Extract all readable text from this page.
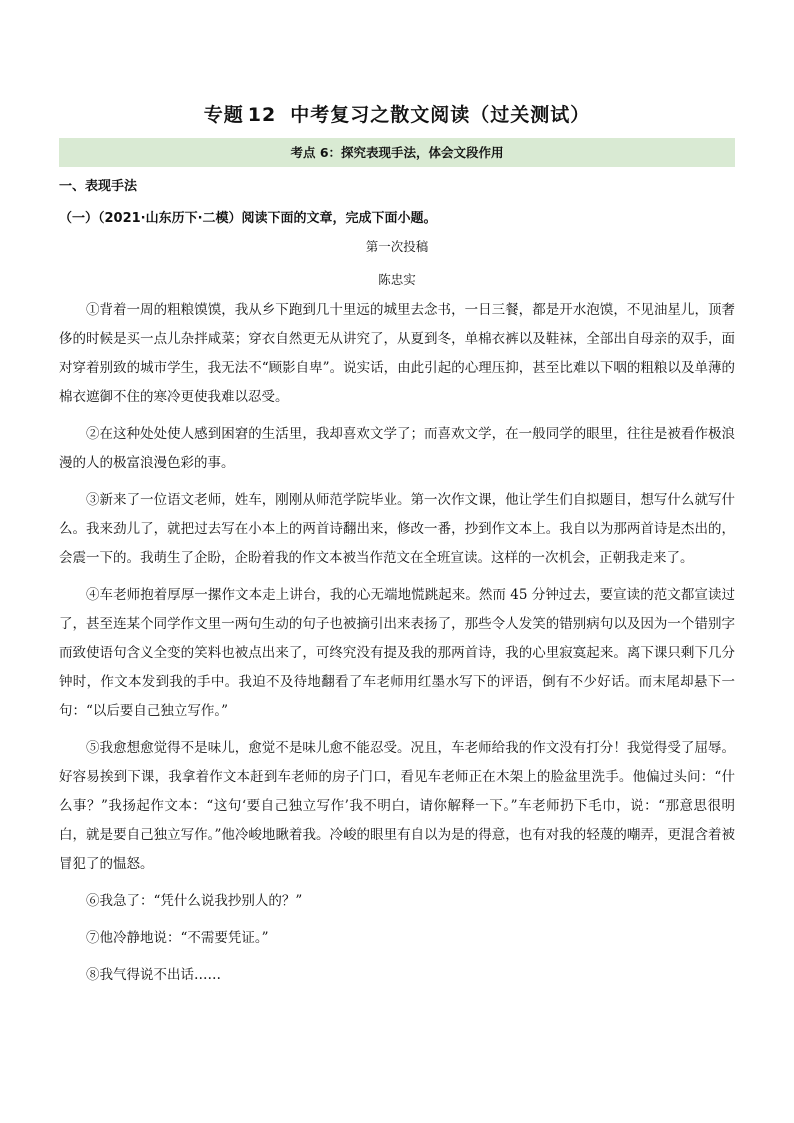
专题 12 中考复习之散文阅读（过关测试）
考点 6：探究表现手法，体会文段作用
一、表现手法
（一）（2021·山东历下·二模）阅读下面的文章，完成下面小题。
第一次投稿
陈忠实

①背着一周的粗粮馍馍，我从乡下跑到几十里远的城里去念书，一日三餐，都是开水泡馍，不见油星儿，顶奢侈的时候是买一点儿杂拌咸菜；穿衣自然更无从讲究了，从夏到冬，单棉衣裤以及鞋袜，全部出自母亲的双手，面对穿着别致的城市学生，我无法不“顾影自卑”。说实话，由此引起的心理压抑，甚至比难以下咽的粗粮以及单薄的棉衣遮御不住的寒冷更使我难以忍受。

②在这种处处使人感到困窘的生活里，我却喜欢文学了；而喜欢文学，在一般同学的眼里，往往是被看作极浪漫的人的极富浪漫色彩的事。

③新来了一位语文老师，姓车，刚刚从师范学院毕业。第一次作文课，他让学生们自拟题目，想写什么就写什么。我来劲儿了，就把过去写在小本上的两首诗翻出来，修改一番，抄到作文本上。我自以为那两首诗是杰出的，会震一下的。我萌生了企盼，企盼着我的作文本被当作范文在全班宣读。这样的一次机会，正朝我走来了。

④车老师抱着厚厚一摞作文本走上讲台，我的心无端地慌跳起来。然而 45 分钟过去，要宣读的范文都宣读过了，甚至连某个同学作文里一两句生动的句子也被摘引出来表扬了，那些令人发笑的错别病句以及因为一个错别字而致使语句含义全变的笑料也被点出来了，可终究没有提及我的那两首诗，我的心里寂寞起来。离下课只剩下几分钟时，作文本发到我的手中。我迫不及待地翻看了车老师用红墨水写下的评语，倒有不少好话。而末尾却悬下一句：“以后要自己独立写作。”

⑤我愈想愈觉得不是味儿，愈觉不是味儿愈不能忍受。况且，车老师给我的作文没有打分！我觉得受了屈辱。好容易挨到下课，我拿着作文本赶到车老师的房子门口，看见车老师正在木架上的脸盆里洗手。他偏过头问：“什么事？”我扬起作文本：“这句‘要自己独立写作’我不明白，请你解释一下。”车老师扔下毛巾，说：“那意思很明白，就是要自己独立写作。”他冷峻地瞅着我。冷峻的眼里有自以为是的得意，也有对我的轻蔑的嘲弄，更混含着被冒犯了的愠怒。

⑥我急了：“凭什么说我抄别人的？”

⑦他冷静地说：“不需要凭证。”

⑧我气得说不出话……
